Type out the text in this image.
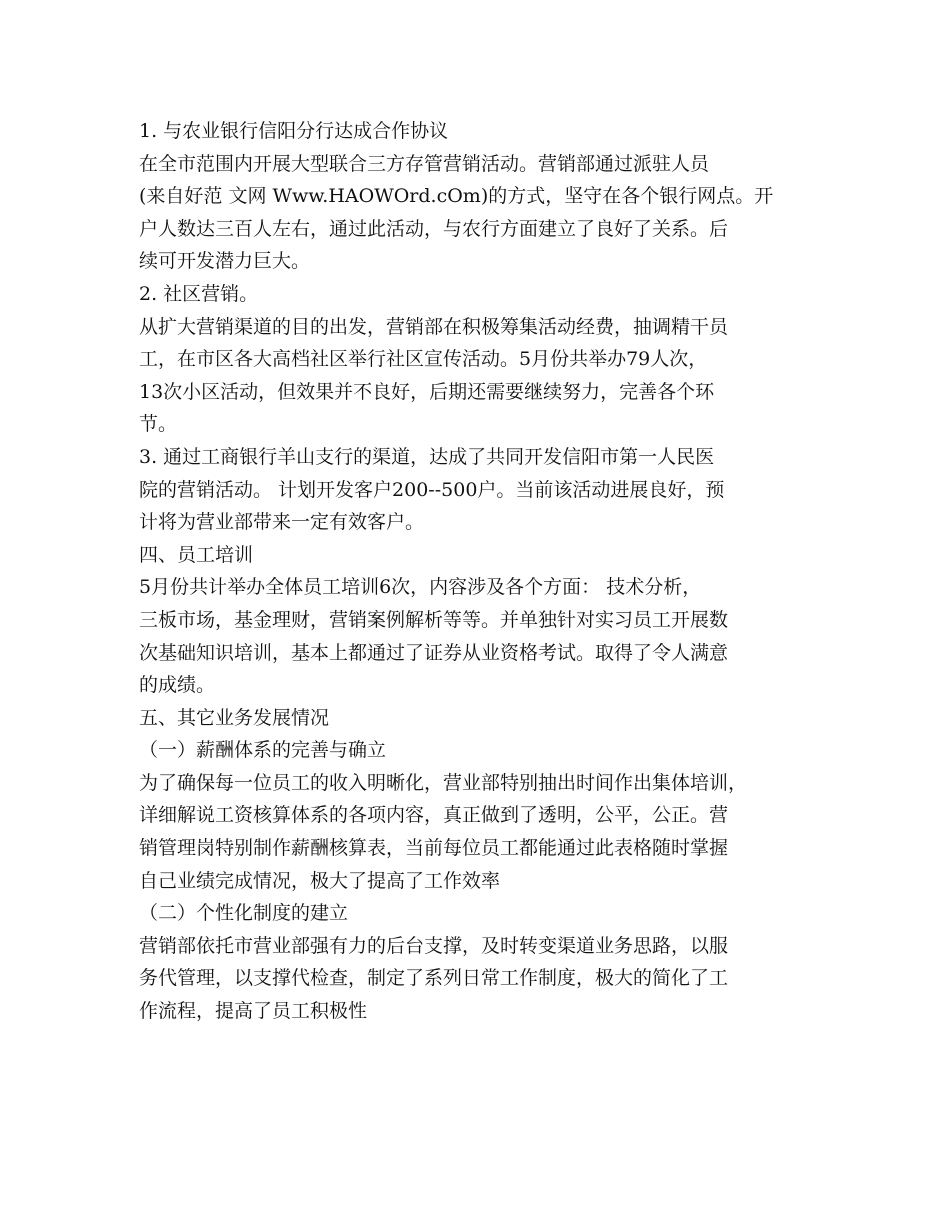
1. 与农业银行信阳分行达成合作协议
在全市范围内开展大型联合三方存管营销活动。营销部通过派驻人员
(来自好范 文网 Www.HAOWOrd.cOm)的方式，坚守在各个银行网点。开
户人数达三百人左右，通过此活动，与农行方面建立了良好了关系。后
续可开发潜力巨大。
2. 社区营销。
从扩大营销渠道的目的出发，营销部在积极筹集活动经费，抽调精干员
工，在市区各大高档社区举行社区宣传活动。5月份共举办79人次，
13次小区活动，但效果并不良好，后期还需要继续努力，完善各个环
节。
3. 通过工商银行羊山支行的渠道，达成了共同开发信阳市第一人民医
院的营销活动。 计划开发客户200--500户。当前该活动进展良好，预
计将为营业部带来一定有效客户。
四、员工培训
5月份共计举办全体员工培训6次，内容涉及各个方面： 技术分析，
三板市场，基金理财，营销案例解析等等。并单独针对实习员工开展数
次基础知识培训，基本上都通过了证券从业资格考试。取得了令人满意
的成绩。
五、其它业务发展情况
（一）薪酬体系的完善与确立
为了确保每一位员工的收入明晰化，营业部特别抽出时间作出集体培训，
详细解说工资核算体系的各项内容，真正做到了透明，公平，公正。营
销管理岗特别制作薪酬核算表，当前每位员工都能通过此表格随时掌握
自己业绩完成情况，极大了提高了工作效率
（二）个性化制度的建立
营销部依托市营业部强有力的后台支撑，及时转变渠道业务思路，以服
务代管理，以支撑代检查，制定了系列日常工作制度，极大的简化了工
作流程，提高了员工积极性
